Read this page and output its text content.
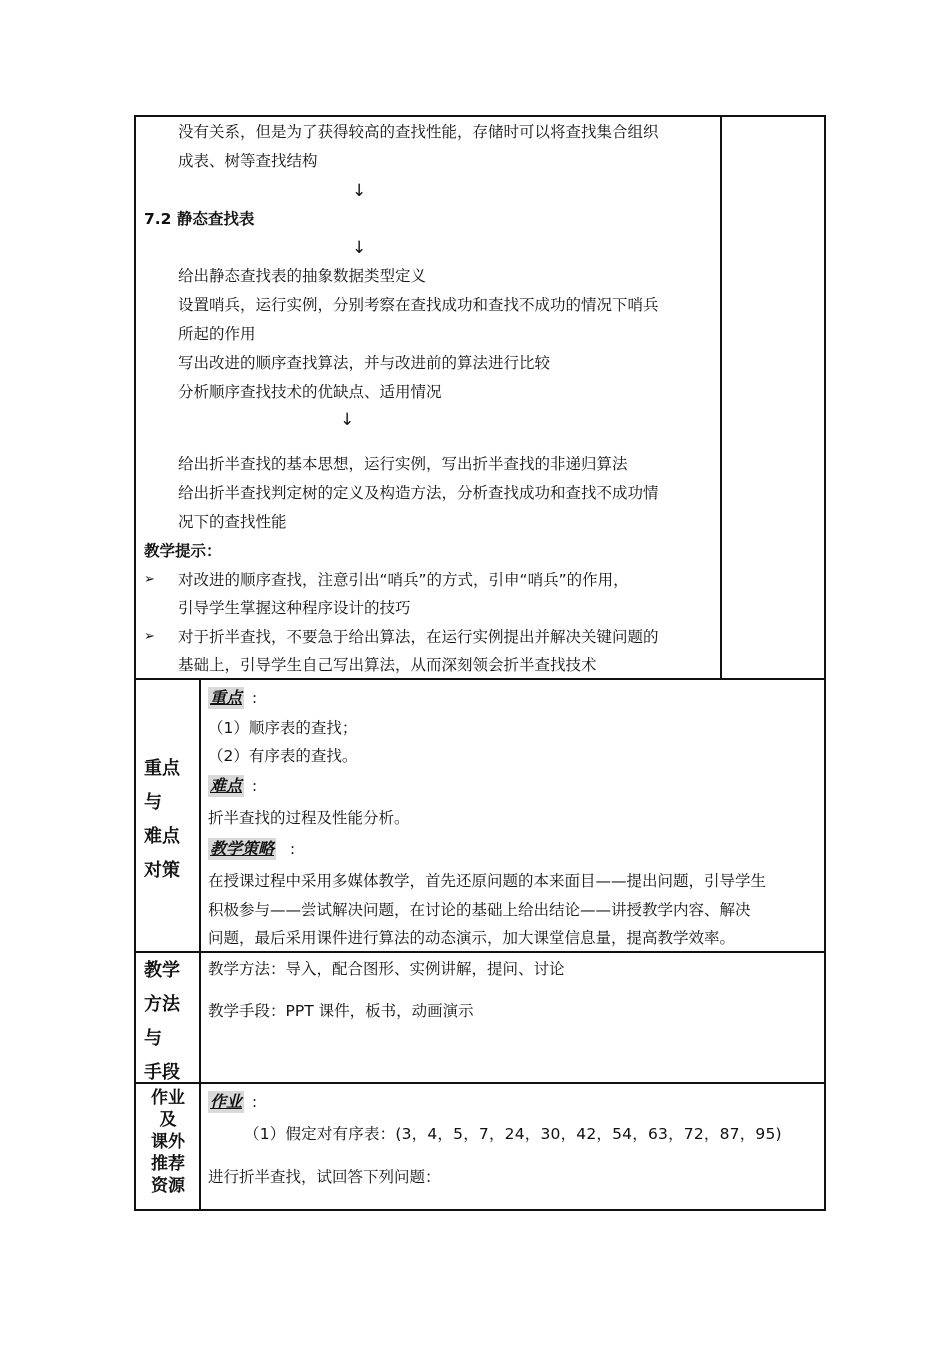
没有关系，但是为了获得较高的查找性能，存储时可以将查找集合组织
成表、树等查找结构
↓
7.2 静态查找表
↓
给出静态查找表的抽象数据类型定义
设置哨兵，运行实例，分别考察在查找成功和查找不成功的情况下哨兵
所起的作用
写出改进的顺序查找算法，并与改进前的算法进行比较
分析顺序查找技术的优缺点、适用情况
↓
给出折半查找的基本思想，运行实例，写出折半查找的非递归算法
给出折半查找判定树的定义及构造方法，分析查找成功和查找不成功情
况下的查找性能
教学提示：
➢ 对改进的顺序查找，注意引出“哨兵”的方式，引申“哨兵”的作用，
引导学生掌握这种程序设计的技巧
➢ 对于折半查找，不要急于给出算法，在运行实例提出并解决关键问题的
基础上，引导学生自己写出算法，从而深刻领会折半查找技术
重点
与
难点
对策
重点 :
（1）顺序表的查找；
（2）有序表的查找。
难点 :
折半查找的过程及性能分析。
教学策略 :
在授课过程中采用多媒体教学，首先还原问题的本来面目——提出问题，引导学生
积极参与——尝试解决问题，在讨论的基础上给出结论——讲授教学内容、解决
问题，最后采用课件进行算法的动态演示，加大课堂信息量，提高教学效率。
教学
方法
与
手段
教学方法：导入，配合图形、实例讲解，提问、讨论
教学手段：PPT 课件，板书，动画演示
作业
及
课外
推荐
资源
作业 :
（1）假定对有序表：(3，4，5，7，24，30，42，54，63，72，87，95)
进行折半查找，试回答下列问题：
